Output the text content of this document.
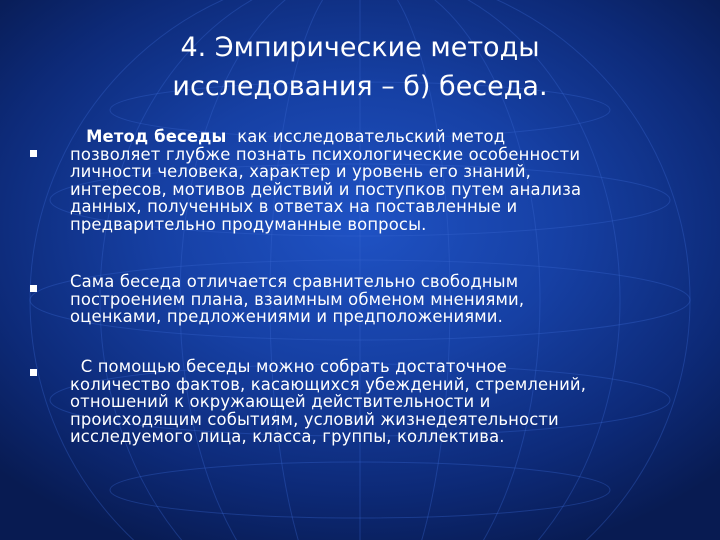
4. Эмпирические методы
исследования – б) беседа.
Метод беседы как исследовательский метод
позволяет глубже познать психологические особенности
личности человека, характер и уровень его знаний,
интересов, мотивов действий и поступков путем анализа
данных, полученных в ответах на поставленные и
предварительно продуманные вопросы.
Сама беседа отличается сравнительно свободным
построением плана, взаимным обменом мнениями,
оценками, предложениями и предположениями.
С помощью беседы можно собрать достаточное
количество фактов, касающихся убеждений, стремлений,
отношений к окружающей действительности и
происходящим событиям, условий жизнедеятельности
исследуемого лица, класса, группы, коллектива.
